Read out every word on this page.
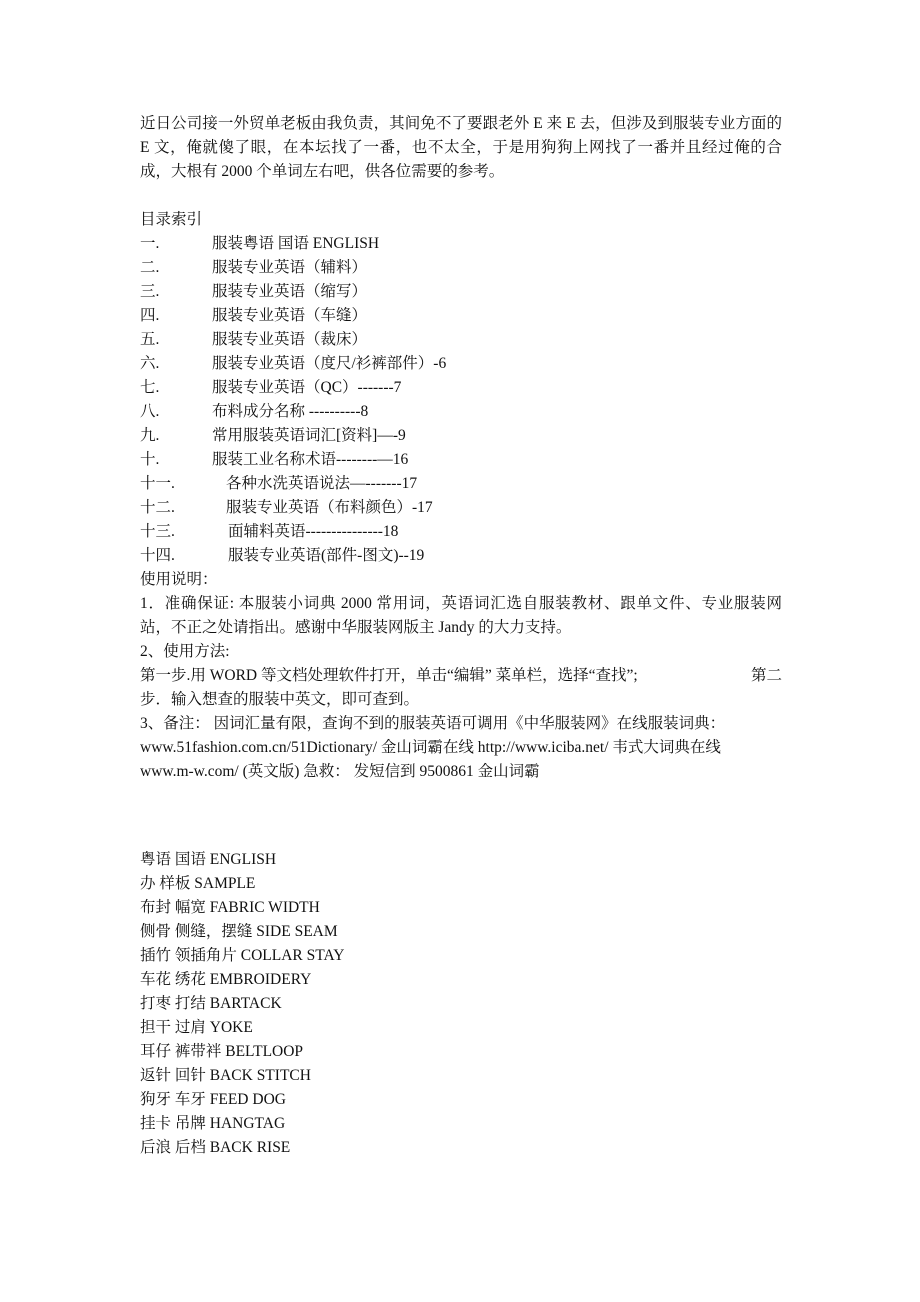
近日公司接一外贸单老板由我负责，其间免不了要跟老外 E 来 E 去，但涉及到服装专业方面的 E 文，俺就傻了眼，在本坛找了一番，也不太全，于是用狗狗上网找了一番并且经过俺的合成，大根有 2000 个单词左右吧，供各位需要的参考。
目录索引
一.	服装粤语 国语 ENGLISH
二.	服装专业英语（辅料）
三.	服装专业英语（缩写）
四.	服装专业英语（车缝）
五.	服装专业英语（裁床）
六.	服装专业英语（度尺/衫裤部件）-6
七.	服装专业英语（QC）-------7
八.	布料成分名称 ----------8
九.	常用服装英语词汇[资料]—-9
十.	服装工业名称术语--------—16
十一.	各种水洗英语说法—-------17
十二.	服装专业英语（布料颜色）-17
十三.	面辅料英语---------------18
十四.	服装专业英语(部件-图文)--19
使用说明：
1．准确保证: 本服装小词典 2000 常用词，英语词汇选自服装教材、跟单文件、专业服装网站，不正之处请指出。感谢中华服装网版主 Jandy 的大力支持。
2、使用方法:
第一步.用 WORD 等文档处理软件打开，单击“编辑” 菜单栏，选择“查找”;	第二
步．输入想查的服装中英文，即可查到。
3、备注： 因词汇量有限，查询不到的服装英语可调用《中华服装网》在线服装词典：
www.51fashion.com.cn/51Dictionary/ 金山词霸在线 http://www.iciba.net/ 韦式大词典在线
www.m-w.com/ (英文版) 急救： 发短信到 9500861 金山词霸
粤语 国语 ENGLISH
办 样板 SAMPLE
布封 幅宽 FABRIC WIDTH
侧骨 侧缝，摆缝 SIDE SEAM
插竹 领插角片 COLLAR STAY
车花 绣花 EMBROIDERY
打枣 打结 BARTACK
担干 过肩 YOKE
耳仔 裤带袢 BELTLOOP
返针 回针 BACK STITCH
狗牙 车牙 FEED DOG
挂卡 吊牌 HANGTAG
后浪 后档 BACK RISE
